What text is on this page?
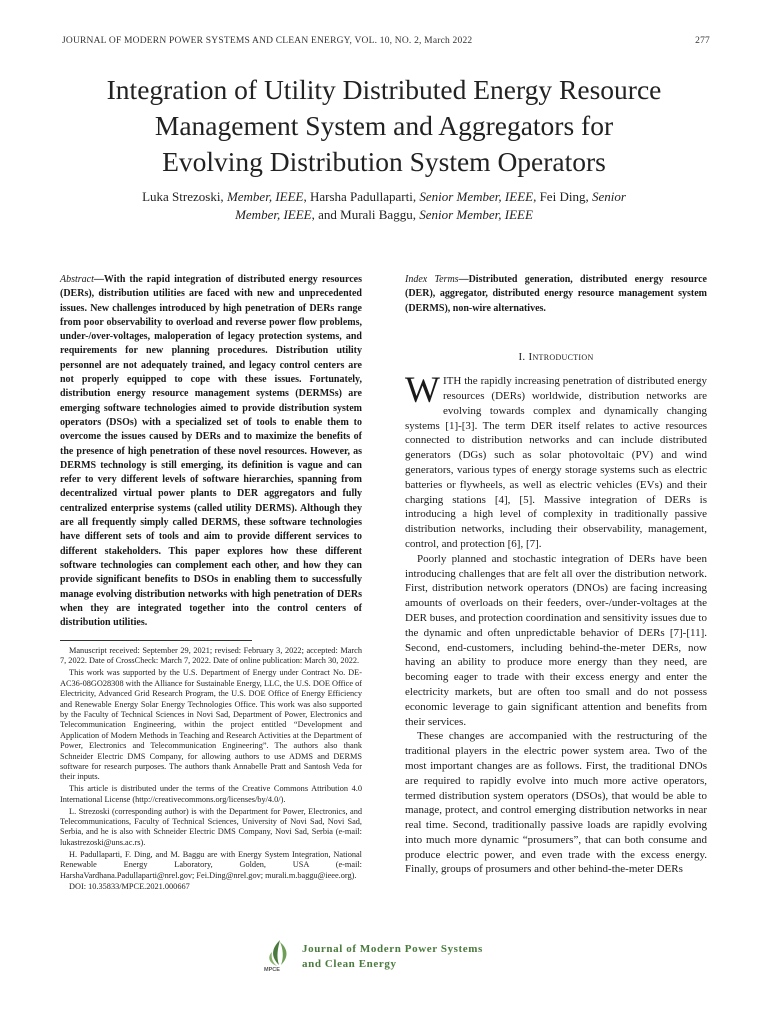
JOURNAL OF MODERN POWER SYSTEMS AND CLEAN ENERGY, VOL. 10, NO. 2, March 2022	277
Integration of Utility Distributed Energy Resource
Management System and Aggregators for
Evolving Distribution System Operators
Luka Strezoski, Member, IEEE, Harsha Padullaparti, Senior Member, IEEE, Fei Ding, Senior
Member, IEEE, and Murali Baggu, Senior Member, IEEE
Abstract—With the rapid integration of distributed energy resources (DERs), distribution utilities are faced with new and unprecedented issues. New challenges introduced by high penetration of DERs range from poor observability to overload and reverse power flow problems, under-/over-voltages, maloperation of legacy protection systems, and requirements for new planning procedures. Distribution utility personnel are not adequately trained, and legacy control centers are not properly equipped to cope with these issues. Fortunately, distribution energy resource management systems (DERMSs) are emerging software technologies aimed to provide distribution system operators (DSOs) with a specialized set of tools to enable them to overcome the issues caused by DERs and to maximize the benefits of the presence of high penetration of these novel resources. However, as DERMS technology is still emerging, its definition is vague and can refer to very different levels of software hierarchies, spanning from decentralized virtual power plants to DER aggregators and fully centralized enterprise systems (called utility DERMS). Although they are all frequently simply called DERMS, these software technologies have different sets of tools and aim to provide different services to different stakeholders. This paper explores how these different software technologies can complement each other, and how they can provide significant benefits to DSOs in enabling them to successfully manage evolving distribution networks with high penetration of DERs when they are integrated together into the control centers of distribution utilities.

Manuscript received: September 29, 2021; revised: February 3, 2022; accepted: March 7, 2022. Date of CrossCheck: March 7, 2022. Date of online publication: March 30, 2022.

This work was supported by the U.S. Department of Energy under Contract No. DE-AC36-08GO28308 with the Alliance for Sustainable Energy, LLC, the U.S. DOE Office of Electricity, Advanced Grid Research Program, the U.S. DOE Office of Energy Efficiency and Renewable Energy Solar Energy Technologies Office. This work was also supported by the Faculty of Technical Sciences in Novi Sad, Department of Power, Electronics and Telecommunication Engineering, within the project entitled “Development and Application of Modern Methods in Teaching and Research Activities at the Department of Power, Electronics and Telecommunication Engineering”. The authors also thank Schneider Electric DMS Company, for allowing authors to use ADMS and DERMS software for research purposes. The authors thank Annabelle Pratt and Santosh Veda for their inputs.

This article is distributed under the terms of the Creative Commons Attribution 4.0 International License (http://creativecommons.org/licenses/by/4.0/).

L. Strezoski (corresponding author) is with the Department for Power, Electronics, and Telecommunications, Faculty of Technical Sciences, University of Novi Sad, Novi Sad, Serbia, and he is also with Schneider Electric DMS Company, Novi Sad, Serbia (e-mail: lukastrezoski@uns.ac.rs).

H. Padullaparti, F. Ding, and M. Baggu are with Energy System Integration, National Renewable Energy Laboratory, Golden, USA (e-mail: HarshaVardhana.Padullaparti@nrel.gov; Fei.Ding@nrel.gov; murali.m.baggu@ieee.org).

DOI: 10.35833/MPCE.2021.000667

Index Terms—Distributed generation, distributed energy resource (DER), aggregator, distributed energy resource management system (DERMS), non-wire alternatives.
I. Introduction

WITH the rapidly increasing penetration of distributed energy resources (DERs) worldwide, distribution networks are evolving towards complex and dynamically changing systems [1]-[3]. The term DER itself relates to active resources connected to distribution networks and can include distributed generators (DGs) such as solar photovoltaic (PV) and wind generators, various types of energy storage systems such as electric batteries or flywheels, as well as electric vehicles (EVs) and their charging stations [4], [5]. Massive integration of DERs is introducing a high level of complexity in traditionally passive distribution networks, including their observability, management, control, and protection [6], [7].

Poorly planned and stochastic integration of DERs have been introducing challenges that are felt all over the distribution network. First, distribution network operators (DNOs) are facing increasing amounts of overloads on their feeders, over-/under-voltages at the DER buses, and protection coordination and sensitivity issues due to the dynamic and often unpredictable behavior of DERs [7]-[11]. Second, end-customers, including behind-the-meter DERs, now having an ability to produce more energy than they need, are becoming eager to trade with their excess energy and enter the electricity markets, but are often too small and do not possess economic leverage to gain significant attention and benefits from their services.

These changes are accompanied with the restructuring of the traditional players in the electric power system area. Two of the most important changes are as follows. First, the traditional DNOs are required to rapidly evolve into much more active operators, termed distribution system operators (DSOs), that would be able to manage, protect, and control emerging distribution networks in near real time. Second, traditionally passive loads are rapidly evolving into much more dynamic “prosumers”, that can both consume and produce electric power, and even trade with the excess energy. Finally, groups of prosumers and other behind-the-meter DERs

MPCE
Journal of Modern Power Systems
and Clean Energy
